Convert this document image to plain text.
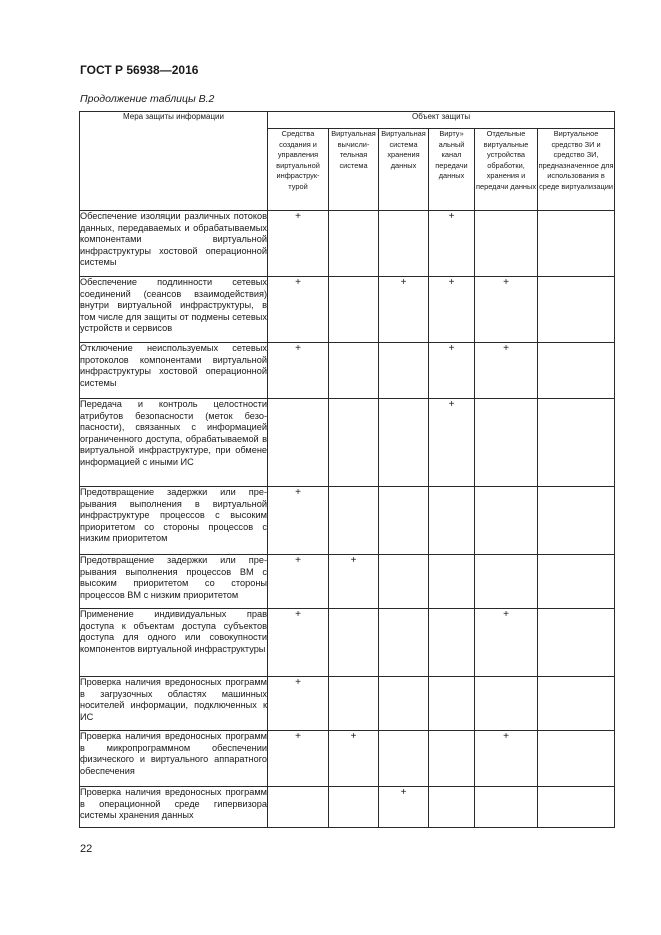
ГОСТ Р 56938—2016
Продолжение таблицы В.2
Мера защиты информации	Объект защиты					
	Средства создания и управления виртуальной инфраструктурой	Виртуальная вычислительная система	Виртуальная система хранения данных	Вирту» альный канал передачи данных	Отдельные виртуальные устройства обработки, хранения и передачи данных	Виртуальное средство ЗИ и средство ЗИ, предназначенное для использования в среде виртуализации
Обеспечение изоляции различных потоков данных, передаваемых и обрабатываемых компонентами виртуальной инфраструктуры хостовой операционной системы	+			+		
Обеспечение подлинности сетевых соединений (сеансов взаимодействия) внутри виртуальной инфраструктуры, в том числе для защиты от подмены сетевых устройств и сервисов	+		+	+	+	
Отключение неиспользуемых сетевых протоколов компонентами виртуальной инфраструктуры хостовой операционной системы	+			+	+	
Передача и контроль целостности атрибутов безопасности (меток безопасности), связанных с информацией ограниченного доступа, обрабатываемой в виртуальной инфраструктуре, при обмене информацией с иными ИС				+		
Предотвращение задержки или прерывания выполнения в виртуальной инфраструктуре процессов с высоким приоритетом со стороны процессов с низким приоритетом	+					
Предотвращение задержки или прерывания выполнения процессов ВМ с высоким приоритетом со стороны процессов ВМ с низким приоритетом	+	+				
Применение индивидуальных прав доступа к объектам доступа субъектов доступа для одного или совокупности компонентов виртуальной инфраструктуры	+				+	
Проверка наличия вредоносных программ в загрузочных областях машинных носителей информации, подключенных к ИС	+					
Проверка наличия вредоносных программ в микропрограммном обеспечении физического и виртуального аппаратного обеспечения	+	+			+	
Проверка наличия вредоносных программ в операционной среде гипервизора системы хранения данных			+			
22
